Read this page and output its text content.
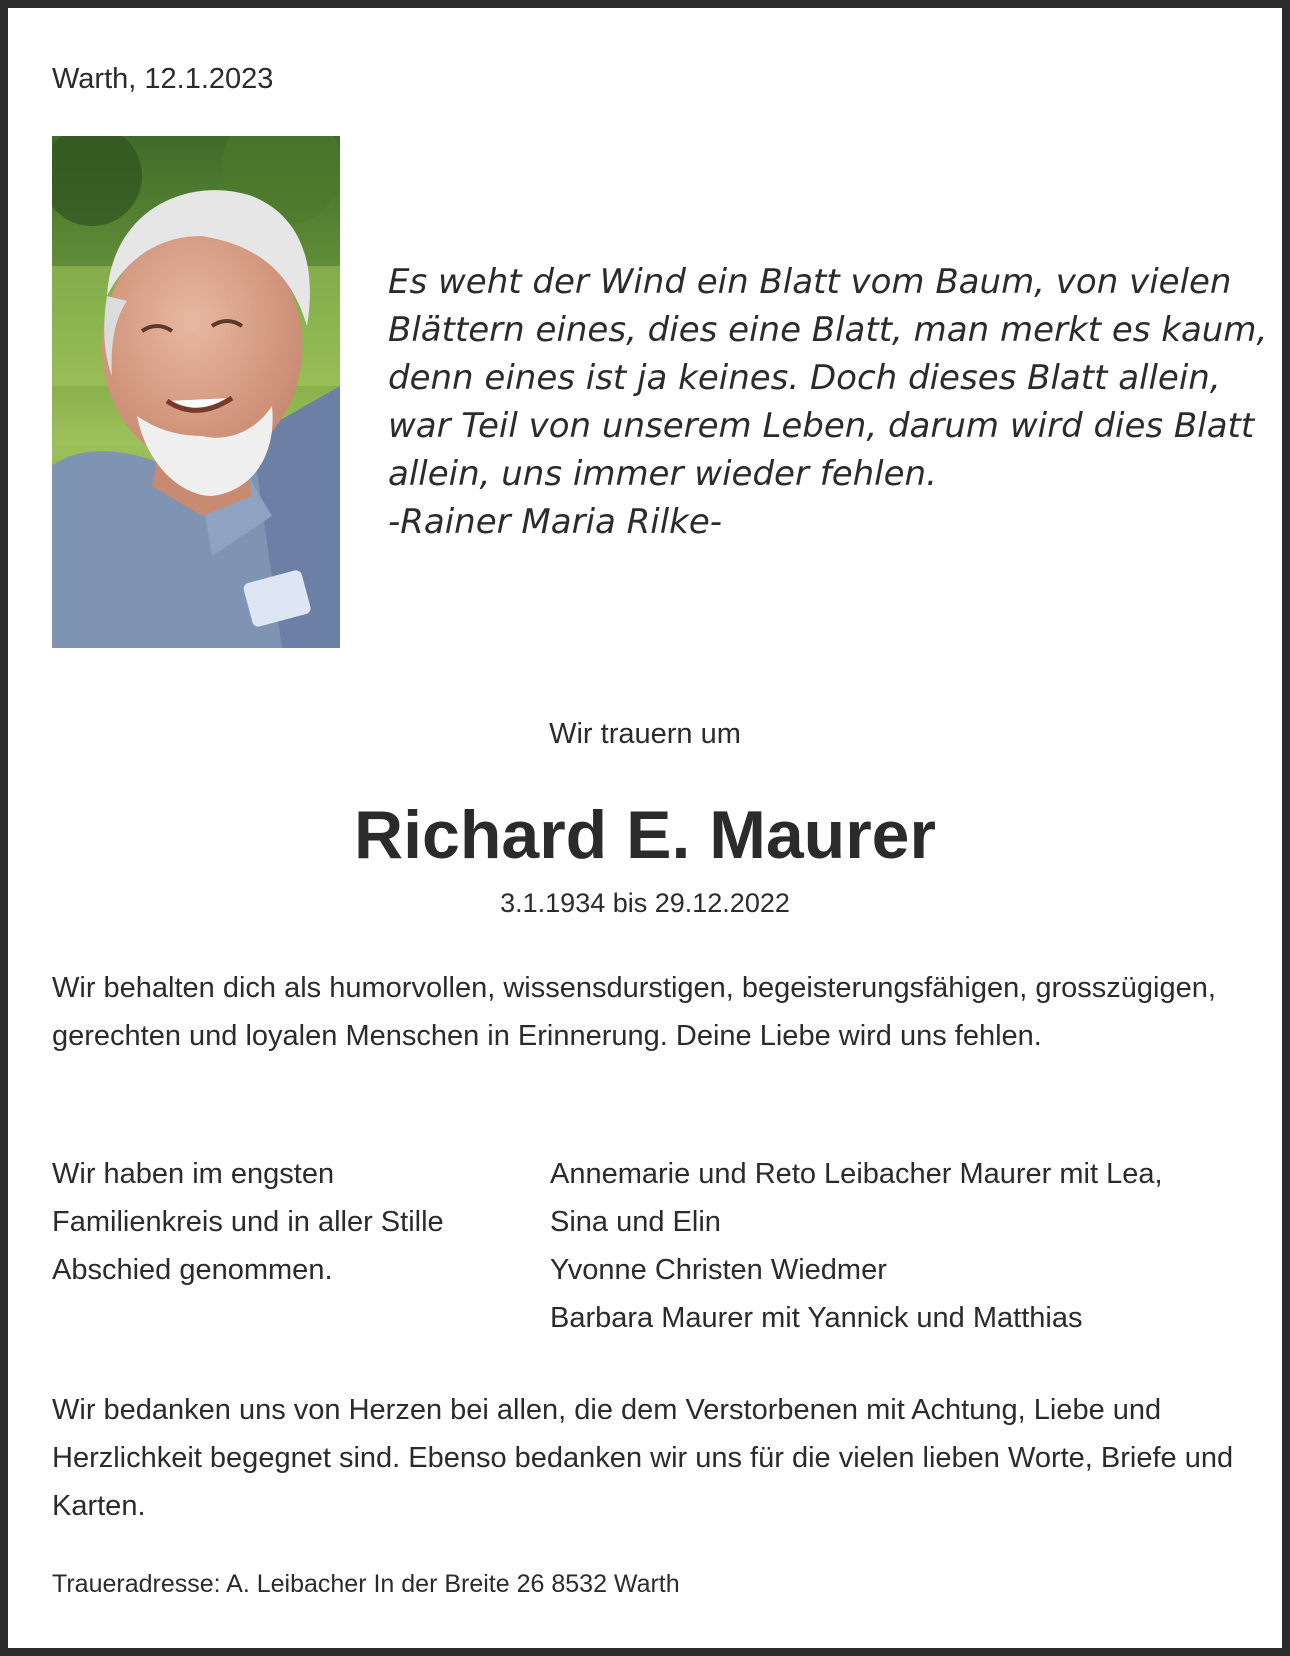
Warth, 12.1.2023
Es weht der Wind ein Blatt vom Baum, von vielen
Blättern eines, dies eine Blatt, man merkt es kaum,
denn eines ist ja keines. Doch dieses Blatt allein,
war Teil von unserem Leben, darum wird dies Blatt
allein, uns immer wieder fehlen.
-Rainer Maria Rilke-
Wir trauern um
Richard E. Maurer
3.1.1934 bis 29.12.2022
Wir behalten dich als humorvollen, wissensdurstigen, begeisterungsfähigen, grosszügigen, gerechten und loyalen Menschen in Erinnerung. Deine Liebe wird uns fehlen.
Wir haben im engsten
Familienkreis und in aller Stille
Abschied genommen.
Annemarie und Reto Leibacher Maurer mit Lea,
Sina und Elin
Yvonne Christen Wiedmer
Barbara Maurer mit Yannick und Matthias
Wir bedanken uns von Herzen bei allen, die dem Verstorbenen mit Achtung, Liebe und Herzlichkeit begegnet sind. Ebenso bedanken wir uns für die vielen lieben Worte, Briefe und Karten.
Traueradresse: A. Leibacher In der Breite 26 8532 Warth
